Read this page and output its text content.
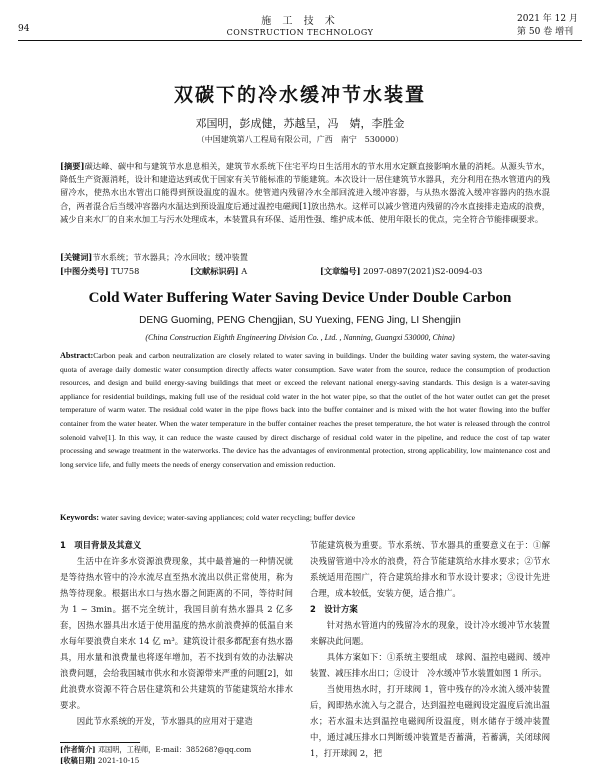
94
施 工 技 术
CONSTRUCTION TECHNOLOGY
2021 年 12 月
第 50 卷 增刊
双碳下的冷水缓冲节水装置
邓国明，彭成健，苏越呈，冯　婧，李胜金
（中国建筑第八工程局有限公司，广西　南宁　530000）
[摘要]碳达峰、碳中和与建筑节水息息相关，建筑节水系统下住宅平均日生活用水的节水用水定额直接影响水量的消耗。从源头节水，降低生产资源消耗，设计和建造达到或优于国家有关节能标准的节能建筑。本次设计一居住建筑节水器具，充分利用在热水管道内的残留冷水，使热水出水管出口能得到预设温度的温水。使管道内残留冷水全部回流进入缓冲容器，与从热水器流入缓冲容器内的热水混合，两者混合后当缓冲容器内水温达到预设温度后通过温控电磁阀[1]放出热水。这样可以减少管道内残留的冷水直接排走造成的浪费，减少自来水厂的自来水加工与污水处理成本，本装置具有环保、适用性强、维护成本低、使用年限长的优点，完全符合节能排碳要求。
[关键词]节水系统；节水器具；冷水回收；缓冲装置
[中图分类号] TU758	[文献标识码] A	[文章编号] 2097-0897(2021)S2-0094-03
Cold Water Buffering Water Saving Device Under Double Carbon
DENG Guoming, PENG Chengjian, SU Yuexing, FENG Jing, LI Shengjin
(China Construction Eighth Engineering Division Co. , Ltd. , Nanning, Guangxi 530000, China)
Abstract:Carbon peak and carbon neutralization are closely related to water saving in buildings. Under the building water saving system, the water-saving quota of average daily domestic water consumption directly affects water consumption. Save water from the source, reduce the consumption of production resources, and design and build energy-saving buildings that meet or exceed the relevant national energy-saving standards. This design is a water-saving appliance for residential buildings, making full use of the residual cold water in the hot water pipe, so that the outlet of the hot water outlet can get the preset temperature of warm water. The residual cold water in the pipe flows back into the buffer container and is mixed with the hot water flowing into the buffer container from the water heater. When the water temperature in the buffer container reaches the preset temperature, the hot water is released through the control solenoid valve[1]. In this way, it can reduce the waste caused by direct discharge of residual cold water in the pipeline, and reduce the cost of tap water processing and sewage treatment in the waterworks. The device has the advantages of environmental protection, strong applicability, low maintenance cost and long service life, and fully meets the needs of energy conservation and emission reduction.
Keywords: water saving device; water-saving appliances; cold water recycling; buffer device

1　项目背景及其意义

生活中在许多水资源浪费现象，其中最普遍的一种情况就是等待热水管中的冷水流尽直至热水流出以供正常使用，称为热等待现象。根据出水口与热水器之间距离的不同，等待时间为 1 ~ 3min。据不完全统计，我国目前有热水器具 2 亿多套，因热水器具出水适于使用温度的热水前浪费掉的低温自来水每年要浪费自来水 14 亿 m³。建筑设计很多都配套有热水器具，用水量和浪费量也将逐年增加，若不找到有效的办法解决浪费问题，会给我国城市供水和水资源带来严重的问题[2]，如此浪费水资源不符合居住建筑和公共建筑的节能建筑给水排水要求。

因此节水系统的开发，节水器具的应用对于建造

节能建筑极为重要。节水系统、节水器具的重要意义在于：①解决残留管道中冷水的浪费，符合节能建筑给水排水要求；②节水系统适用范围广，符合建筑给排水和节水设计要求；③设计先进合理，成本较低，安装方便，适合推广。

2　设计方案

针对热水管道内的残留冷水的现象，设计冷水缓冲节水装置来解决此问题。

具体方案如下：①系统主要组成　球阀、温控电磁阀、缓冲装置、减压排水出口；②设计　冷水缓冲节水装置如图 1 所示。

当使用热水时，打开球阀 1，管中残存的冷水流入缓冲装置后，阀即热水流入与之混合，达到温控电磁阀设定温度后流出温水；若水温未达到温控电磁阀所设温度，则水储存于缓冲装置中，通过减压排水口判断缓冲装置是否蓄满，若蓄满，关闭球阀 1，打开球阀 2，把

[作者简介] 邓国明，工程师，E-mail：385268?@qq.com
[收稿日期] 2021-10-15
